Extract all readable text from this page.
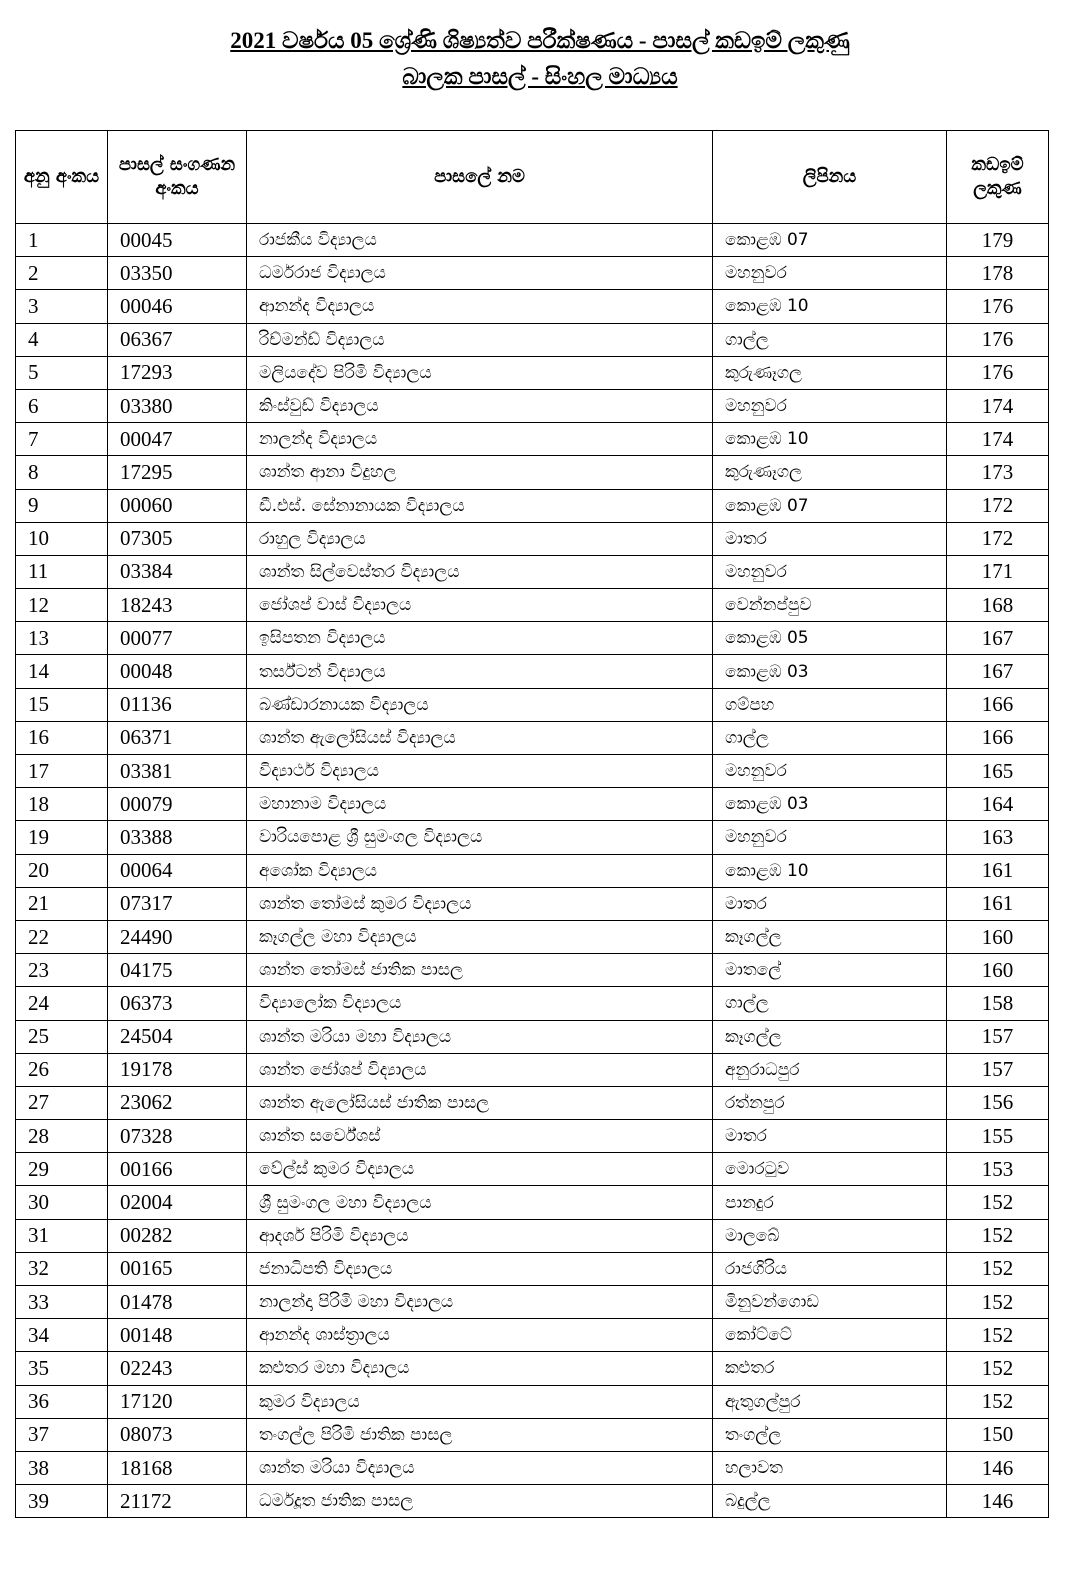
2021 වර්ෂය 05 ශ්‍රේණි ශිෂ්‍යත්ව පරීක්ෂණය - පාසල් කඩඉම් ලකුණු
බාලක පාසල් - සිංහල මාධ්‍යය
අනු අංකය	පාසල් සංගණන අංකය	පාසලේ නම	ලිපිනය	කඩඉම් ලකුණ
1	00045	රාජකීය විද්‍යාලය	කොළඹ 07	179
2	03350	ධර්මරාජ විද්‍යාලය	මහනුවර	178
3	00046	ආනන්ද විද්‍යාලය	කොළඹ 10	176
4	06367	රිච්මන්ඩ් විද්‍යාලය	ගාල්ල	176
5	17293	මලියදේව පිරිමි විද්‍යාලය	කුරුණෑගල	176
6	03380	කිංස්වුඩ් විද්‍යාලය	මහනුවර	174
7	00047	නාලන්ද විද්‍යාලය	කොළඹ 10	174
8	17295	ශාන්ත ආනා විදුහල	කුරුණෑගල	173
9	00060	ඩී.එස්. සේනානායක විද්‍යාලය	කොළඹ 07	172
10	07305	රාහුල විද්‍යාලය	මාතර	172
11	03384	ශාන්ත සිල්වෙස්තර විද්‍යාලය	මහනුවර	171
12	18243	ජෝශප් වාස් විද්‍යාලය	වෙන්නප්පුව	168
13	00077	ඉසිපතන විද්‍යාලය	කොළඹ 05	167
14	00048	තර්ස්ටන් විද්‍යාලය	කොළඹ 03	167
15	01136	බණ්ඩාරනායක විද්‍යාලය	ගම්පහ	166
16	06371	ශාන්ත ඇලෝසියස් විද්‍යාලය	ගාල්ල	166
17	03381	විද්‍යාර්ථ විද්‍යාලය	මහනුවර	165
18	00079	මහානාම විද්‍යාලය	කොළඹ 03	164
19	03388	වාරියපොළ ශ්‍රී සුමංගල විද්‍යාලය	මහනුවර	163
20	00064	අශෝක විද්‍යාලය	කොළඹ 10	161
21	07317	ශාන්ත තෝමස් කුමර විද්‍යාලය	මාතර	161
22	24490	කෑගල්ල මහා විද්‍යාලය	කෑගල්ල	160
23	04175	ශාන්ත තෝමස් ජාතික පාසල	මාතලේ	160
24	06373	විද්‍යාලෝක විද්‍යාලය	ගාල්ල	158
25	24504	ශාන්ත මරියා මහා විද්‍යාලය	කෑගල්ල	157
26	19178	ශාන්ත ජෝශප් විද්‍යාලය	අනුරාධපුර	157
27	23062	ශාන්ත ඇලෝසියස් ජාතික පාසල	රත්නපුර	156
28	07328	ශාන්ත සර්වේශස්	මාතර	155
29	00166	වේල්ස් කුමර විද්‍යාලය	මොරටුව	153
30	02004	ශ්‍රී සුමංගල මහා විද්‍යාලය	පානදුර	152
31	00282	ආදර්ශ පිරිමි විද්‍යාලය	මාලබේ	152
32	00165	ජනාධිපති විද්‍යාලය	රාජගිරිය	152
33	01478	නාලන්දා පිරිමි මහා විද්‍යාලය	මිනුවන්ගොඩ	152
34	00148	ආනන්ද ශාස්ත්‍රාලය	කෝට්ටේ	152
35	02243	කළුතර මහා විද්‍යාලය	කළුතර	152
36	17120	කුමර විද්‍යාලය	ඇතුගල්පුර	152
37	08073	තංගල්ල පිරිමි ජාතික පාසල	තංගල්ල	150
38	18168	ශාන්ත මරියා විද්‍යාලය	හලාවත	146
39	21172	ධර්මදූත ජාතික පාසල	බදුල්ල	146
